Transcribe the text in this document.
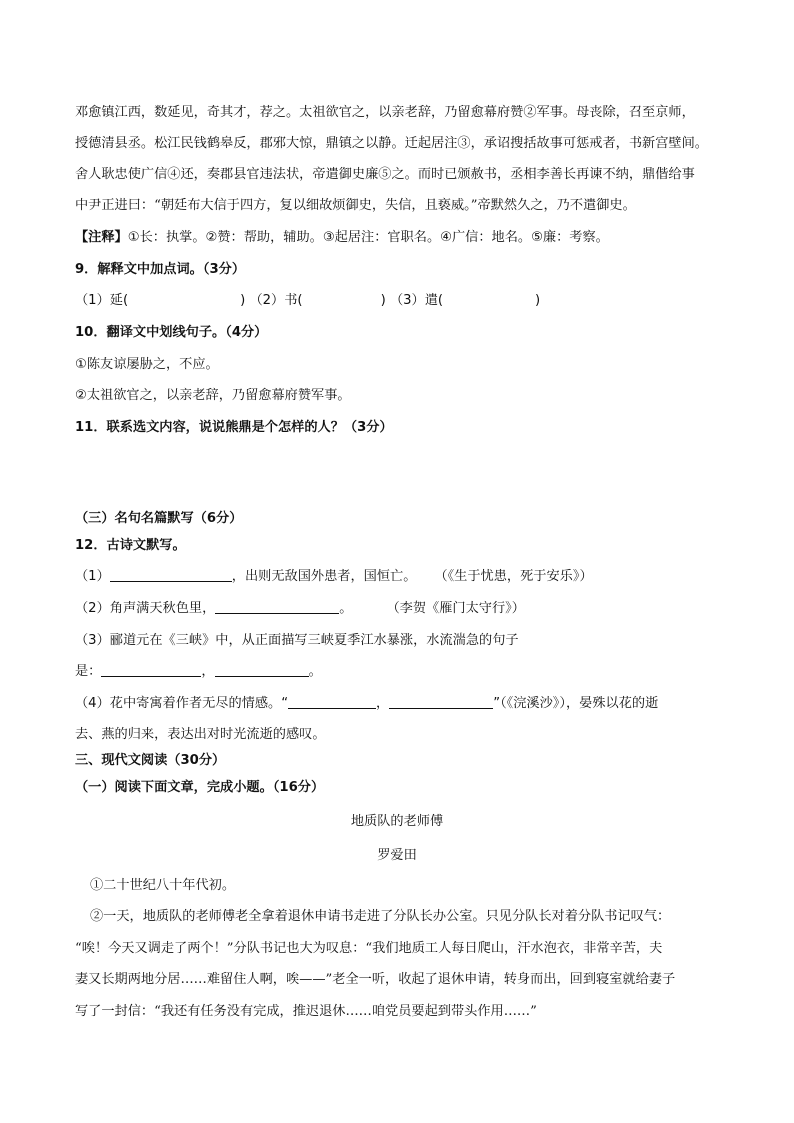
邓愈镇江西，数延见，奇其才，荐之。太祖欲官之，以亲老辞，乃留愈幕府赞②军事。母丧除，召至京师，
授德清县丞。松江民钱鹤皋反，郡邪大惊，鼎镇之以静。迁起居注③，承诏搜括故事可惩戒者，书新宫壁间。
舍人耿忠使广信④还，奏郡县官违法状，帝遣御史廉⑤之。而时已颁赦书，丞相李善长再谏不纳，鼎偕给事
中尹正进曰：“朝廷布大信于四方，复以细故烦御史，失信，且亵威。”帝默然久之，乃不遣御史。
【注释】①长：执掌。②赞：帮助，辅助。③起居注：官职名。④广信：地名。⑤廉：考察。
9．解释文中加点词。（3分）
（1）延(	) （2）书(	) （3）遣(	)
10．翻译文中划线句子。（4分）
①陈友谅屡胁之，不应。
②太祖欲官之，以亲老辞，乃留愈幕府赞军事。
11．联系选文内容，说说熊鼎是个怎样的人？（3分）
（三）名句名篇默写（6分）
12．古诗文默写。
（1）	，出则无敌国外患者，国恒亡。 （《生于忧患，死于安乐》）
（2）角声满天秋色里，	。	（李贺《雁门太守行》）
（3）郦道元在《三峡》中，从正面描写三峡夏季江水暴涨，水流湍急的句子
是：	，	。
（4）花中寄寓着作者无尽的情感。“	，	”（《浣溪沙》），晏殊以花的逝
去、燕的归来，表达出对时光流逝的感叹。
三、现代文阅读（30分）
（一）阅读下面文章，完成小题。（16分）
地质队的老师傅
罗爱田
①二十世纪八十年代初。
②一天，地质队的老师傅老全拿着退休申请书走进了分队长办公室。只见分队长对着分队书记叹气：
“唉！今天又调走了两个！”分队书记也大为叹息：“我们地质工人每日爬山，汗水泡衣，非常辛苦，夫
妻又长期两地分居……难留住人啊，唉——”老全一听，收起了退休申请，转身而出，回到寝室就给妻子
写了一封信：“我还有任务没有完成，推迟退休……咱党员要起到带头作用……”
